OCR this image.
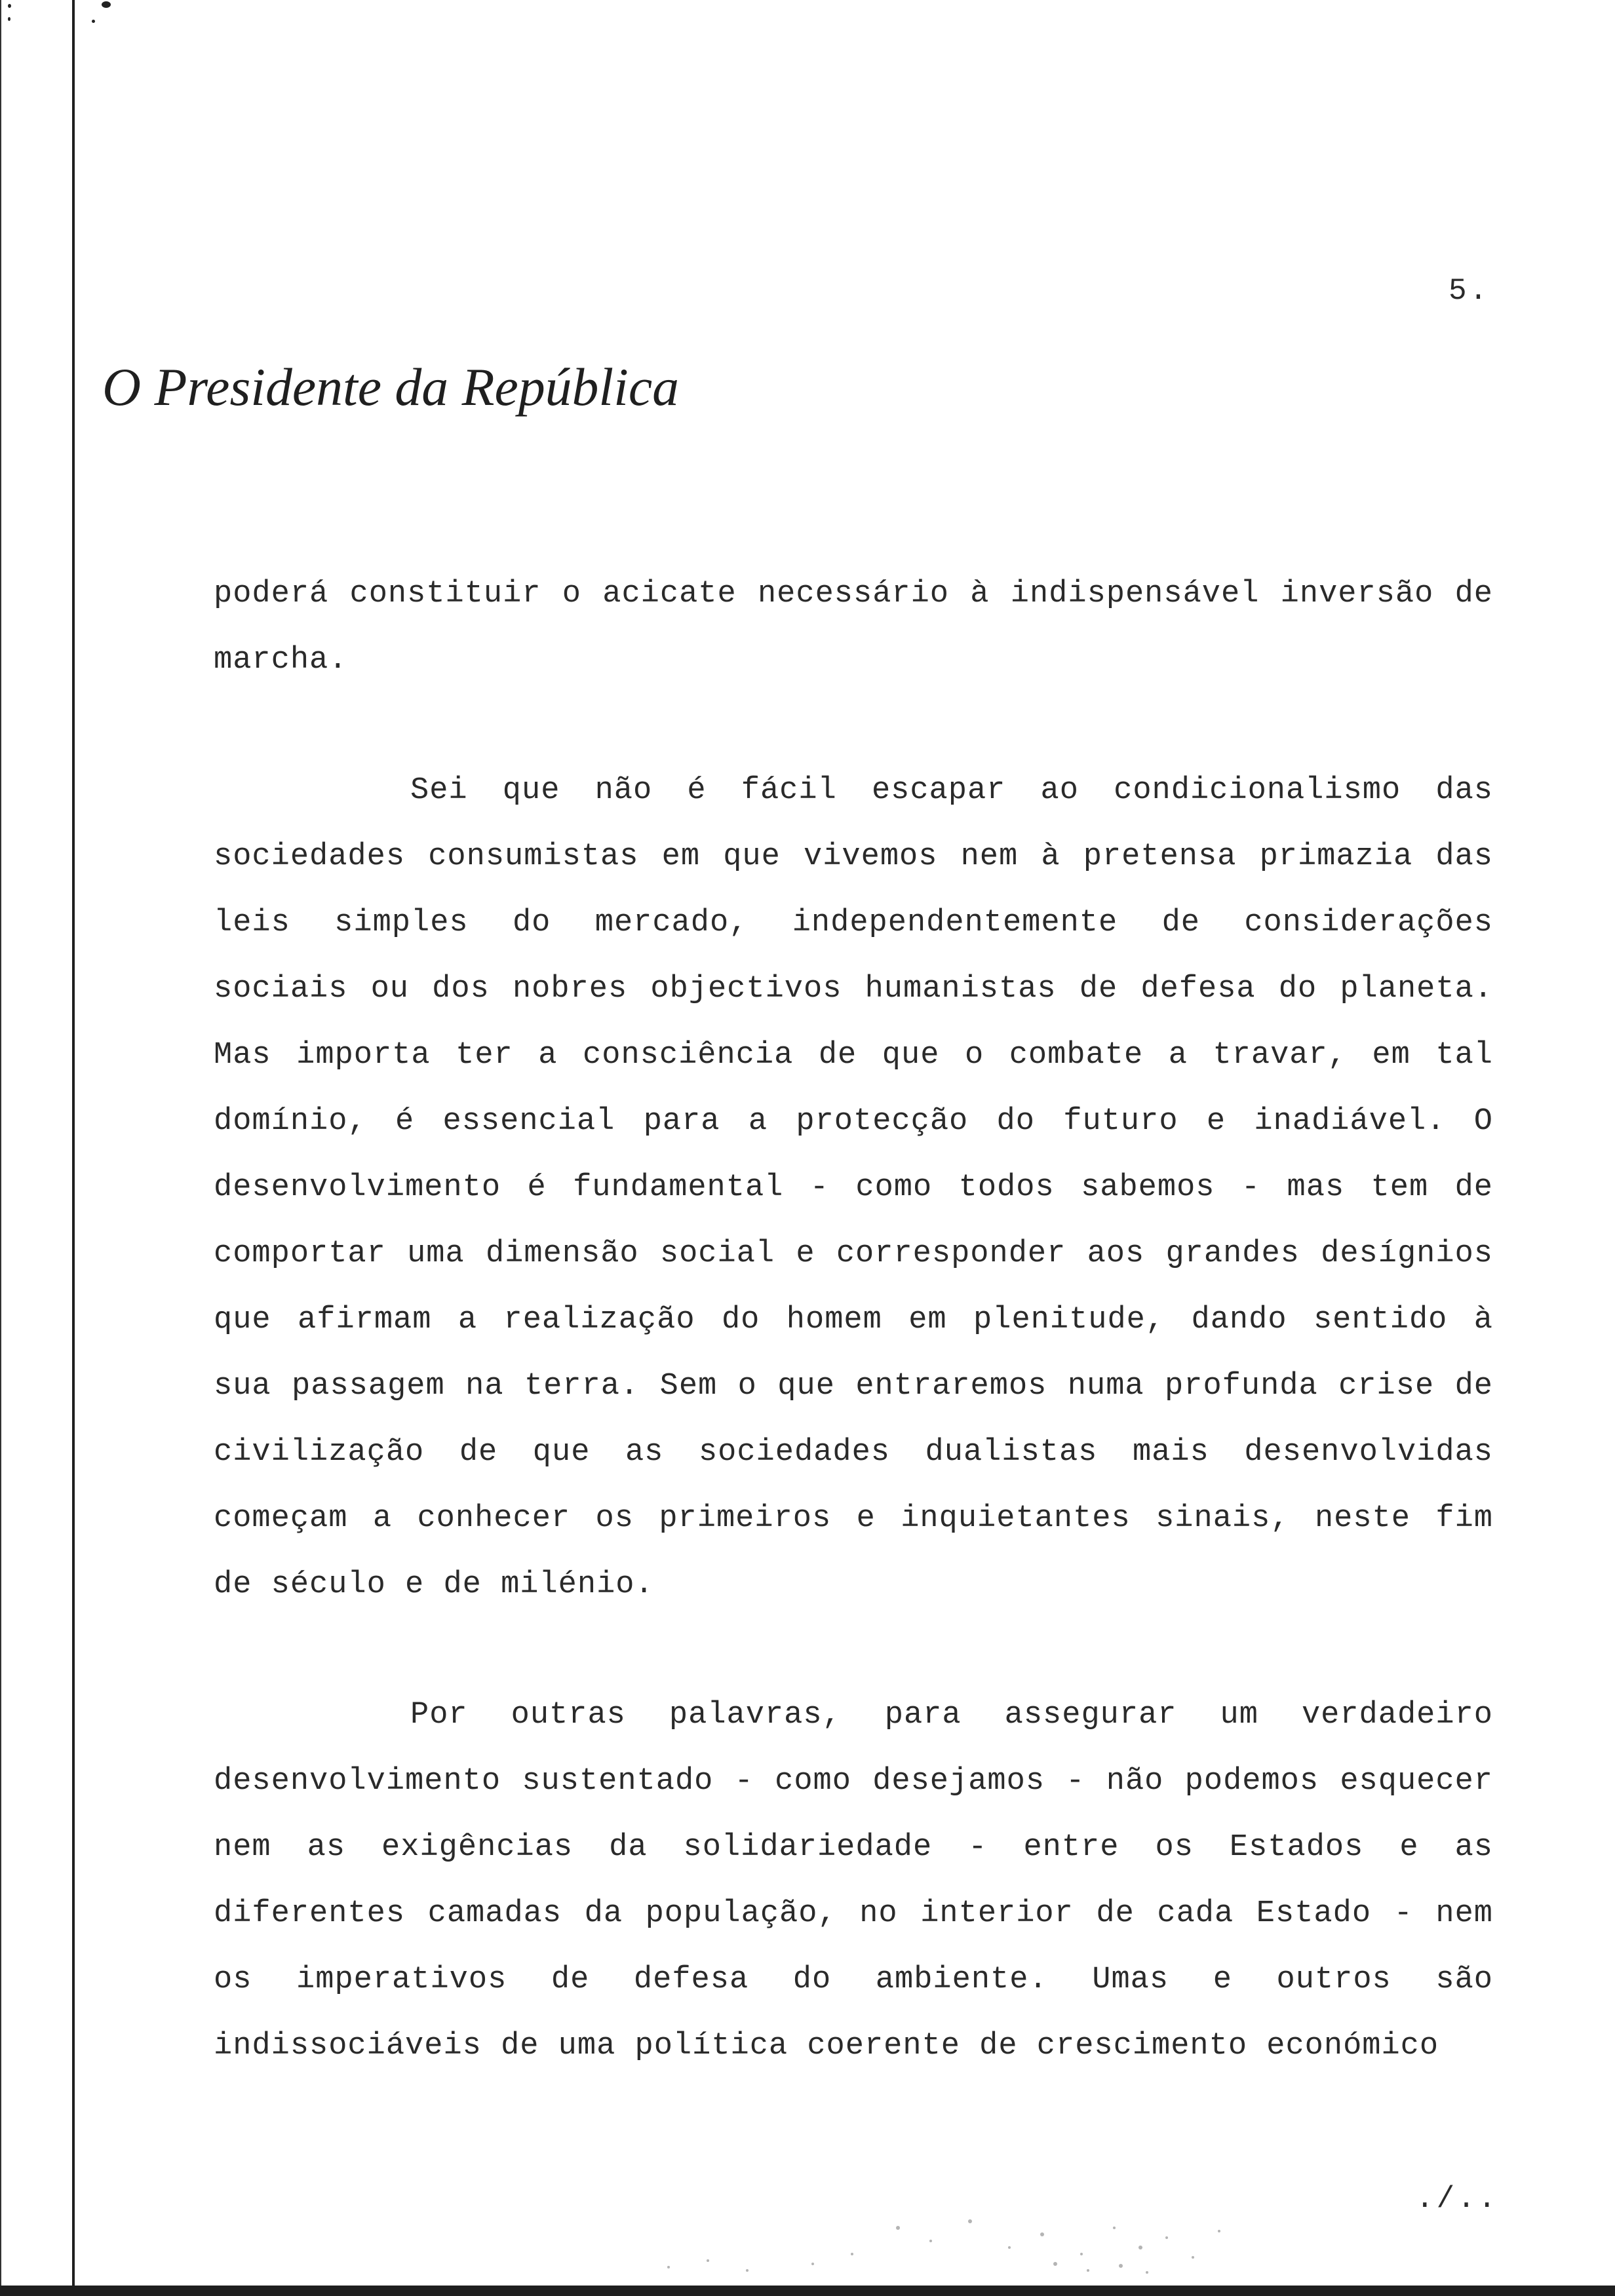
5.
O Presidente da República

poderá constituir o acicate necessário à indispensável inversão de marcha.

Sei que não é fácil escapar ao condicionalismo das sociedades consumistas em que vivemos nem à pretensa primazia das leis simples do mercado, independentemente de considerações sociais ou dos nobres objectivos humanistas de defesa do planeta. Mas importa ter a consciência de que o combate a travar, em tal domínio, é essencial para a protecção do futuro e inadiável. O desenvolvimento é fundamental - como todos sabemos - mas tem de comportar uma dimensão social e corresponder aos grandes desígnios que afirmam a realização do homem em plenitude, dando sentido à sua passagem na terra. Sem o que entraremos numa profunda crise de civilização de que as sociedades dualistas mais desenvolvidas começam a conhecer os primeiros e inquietantes sinais, neste fim de século e de milénio.

Por outras palavras, para assegurar um verdadeiro desenvolvimento sustentado - como desejamos - não podemos esquecer nem as exigências da solidariedade - entre os Estados e as diferentes camadas da população, no interior de cada Estado - nem os imperativos de defesa do ambiente. Umas e outros são indissociáveis de uma política coerente de crescimento económico

./..
